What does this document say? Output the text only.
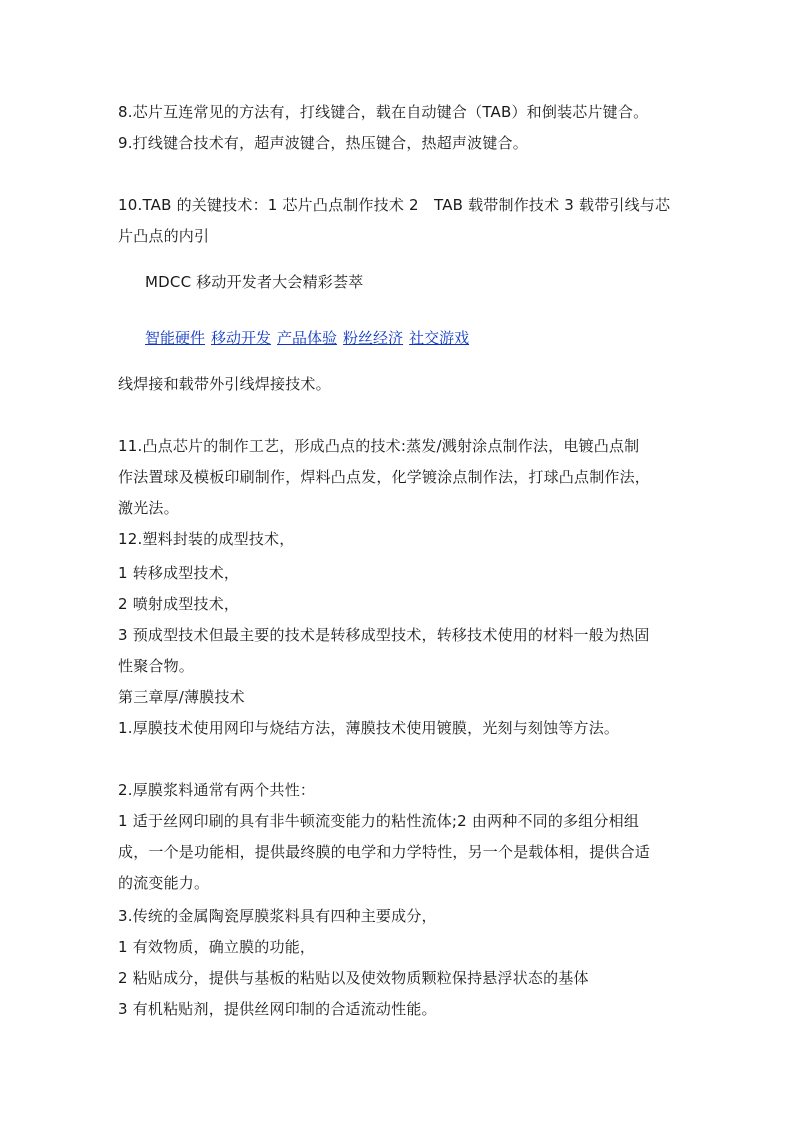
8.芯片互连常见的方法有，打线键合，载在自动键合（TAB）和倒装芯片键合。
9.打线键合技术有，超声波键合，热压键合，热超声波键合。
10.TAB 的关键技术：1 芯片凸点制作技术 2　TAB 载带制作技术 3 载带引线与芯
片凸点的内引
MDCC 移动开发者大会精彩荟萃
智能硬件 移动开发 产品体验 粉丝经济 社交游戏
线焊接和载带外引线焊接技术。
11.凸点芯片的制作工艺，形成凸点的技术:蒸发/溅射涂点制作法，电镀凸点制
作法置球及模板印刷制作，焊料凸点发，化学镀涂点制作法，打球凸点制作法，
激光法。
12.塑料封装的成型技术，
1 转移成型技术，
2 喷射成型技术，
3 预成型技术但最主要的技术是转移成型技术，转移技术使用的材料一般为热固
性聚合物。
第三章厚/薄膜技术
1.厚膜技术使用网印与烧结方法，薄膜技术使用镀膜，光刻与刻蚀等方法。
2.厚膜浆料通常有两个共性：
1 适于丝网印刷的具有非牛顿流变能力的粘性流体;2 由两种不同的多组分相组
成，一个是功能相，提供最终膜的电学和力学特性，另一个是载体相，提供合适
的流变能力。
3.传统的金属陶瓷厚膜浆料具有四种主要成分，
1 有效物质，确立膜的功能，
2 粘贴成分，提供与基板的粘贴以及使效物质颗粒保持悬浮状态的基体
3 有机粘贴剂，提供丝网印制的合适流动性能。
